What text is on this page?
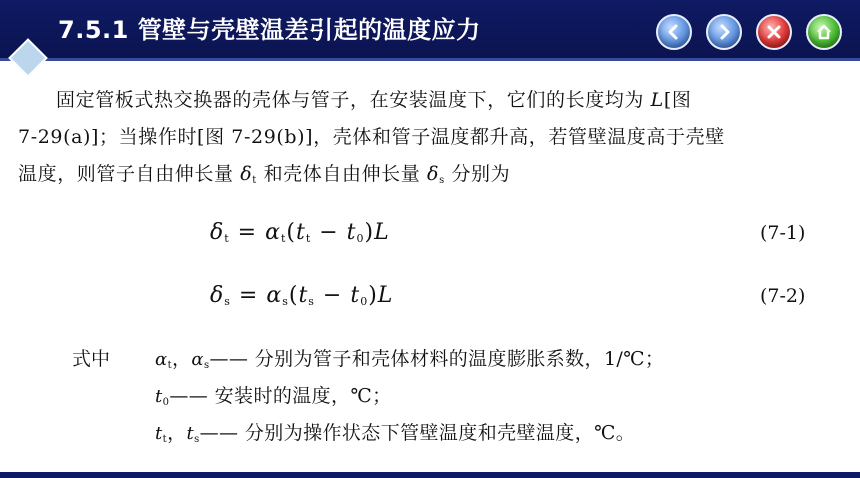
7.5.1 管壁与壳壁温差引起的温度应力
固定管板式热交换器的壳体与管子，在安装温度下，它们的长度均为 L[图
7-29(a)]；当操作时[图 7-29(b)]，壳体和管子温度都升高，若管壁温度高于壳壁
温度，则管子自由伸长量 $\delta_t$ 和壳体自由伸长量 $\delta_s$ 分别为
$\delta_t = \alpha_t(t_t - t_0)L$	(7-1)
$\delta_s = \alpha_s(t_s - t_0)L$	(7-2)
式中 $\alpha_t$，$\alpha_s——$ 分别为管子和壳体材料的温度膨胀系数，1/℃；
$t_0——$ 安装时的温度，℃；
$t_t$，$t_s——$ 分别为操作状态下管壁温度和壳壁温度，℃。
